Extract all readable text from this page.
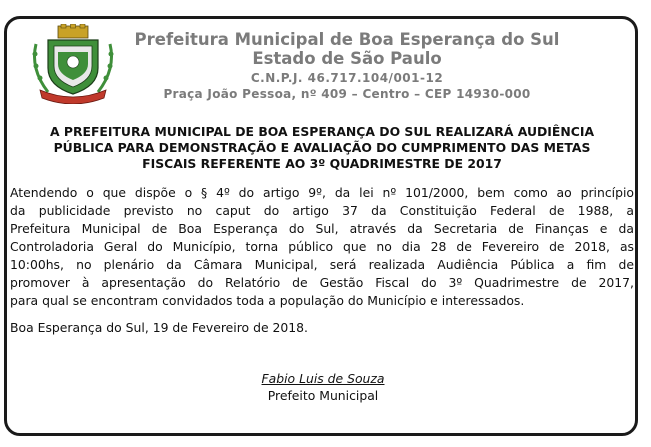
Prefeitura Municipal de Boa Esperança do Sul
Estado de São Paulo
C.N.P.J. 46.717.104/001-12
Praça João Pessoa, nº 409 – Centro – CEP 14930-000
A PREFEITURA MUNICIPAL DE BOA ESPERANÇA DO SUL REALIZARÁ AUDIÊNCIA
PÚBLICA PARA DEMONSTRAÇÃO E AVALIAÇÃO DO CUMPRIMENTO DAS METAS
FISCAIS REFERENTE AO 3º QUADRIMESTRE DE 2017
Atendendo o que dispõe o § 4º do artigo 9º, da lei nº 101/2000, bem como ao princípio
da publicidade previsto no caput do artigo 37 da Constituição Federal de 1988, a
Prefeitura Municipal de Boa Esperança do Sul, através da Secretaria de Finanças e da
Controladoria Geral do Município, torna público que no dia 28 de Fevereiro de 2018, as
10:00hs, no plenário da Câmara Municipal, será realizada Audiência Pública a fim de
promover à apresentação do Relatório de Gestão Fiscal do 3º Quadrimestre de 2017,
para qual se encontram convidados toda a população do Município e interessados.
Boa Esperança do Sul, 19 de Fevereiro de 2018.
Fabio Luis de Souza
Prefeito Municipal
